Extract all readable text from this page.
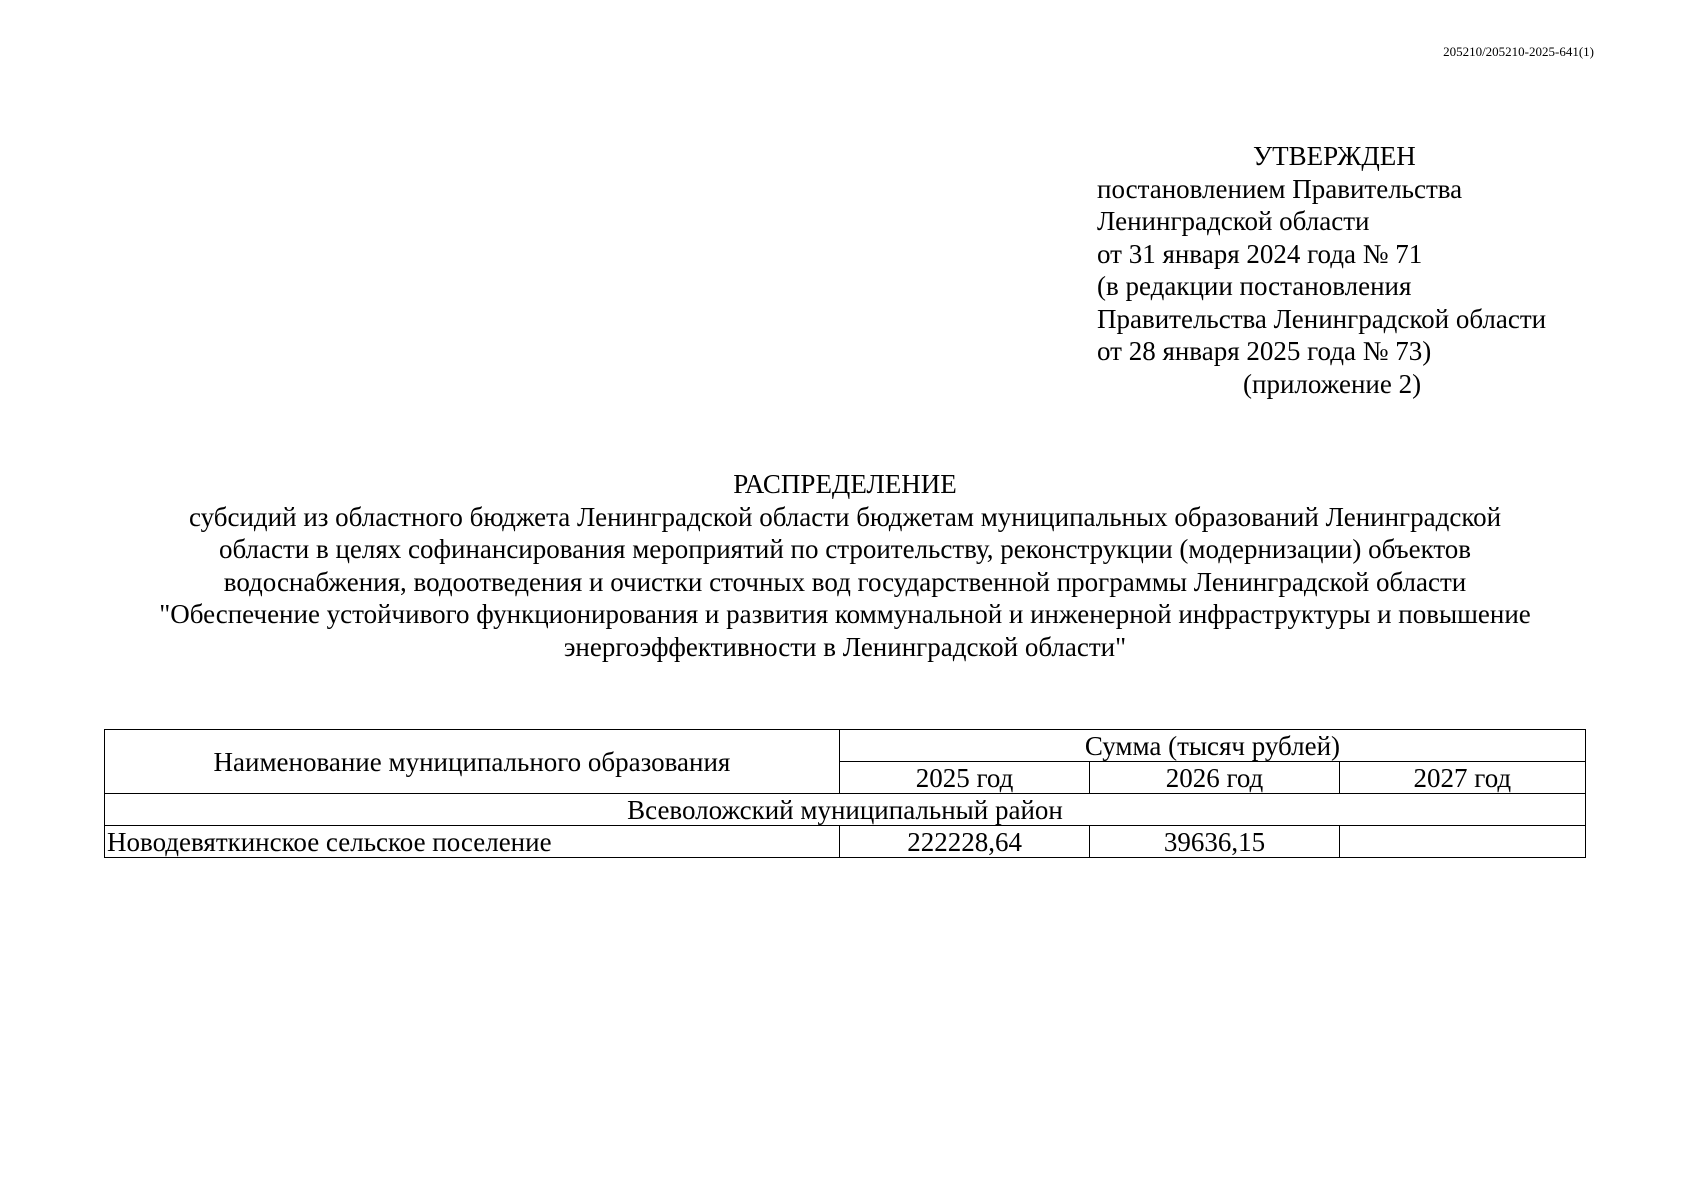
205210/205210-2025-641(1)
УТВЕРЖДЕН
постановлением Правительства
Ленинградской области
от 31 января 2024 года № 71
(в редакции постановления
Правительства Ленинградской области
от 28 января 2025 года № 73)
(приложение 2)
РАСПРЕДЕЛЕНИЕ
субсидий из областного бюджета Ленинградской области бюджетам муниципальных образований Ленинградской
области в целях софинансирования мероприятий по строительству, реконструкции (модернизации) объектов
водоснабжения, водоотведения и очистки сточных вод государственной программы Ленинградской области
"Обеспечение устойчивого функционирования и развития коммунальной и инженерной инфраструктуры и повышение
энергоэффективности в Ленинградской области"
Наименование муниципального образования	Сумма (тысяч рублей)		
	2025 год	2026 год	2027 год
Всеволожский муниципальный район			
Новодевяткинское сельское поселение	222228,64	39636,15	
